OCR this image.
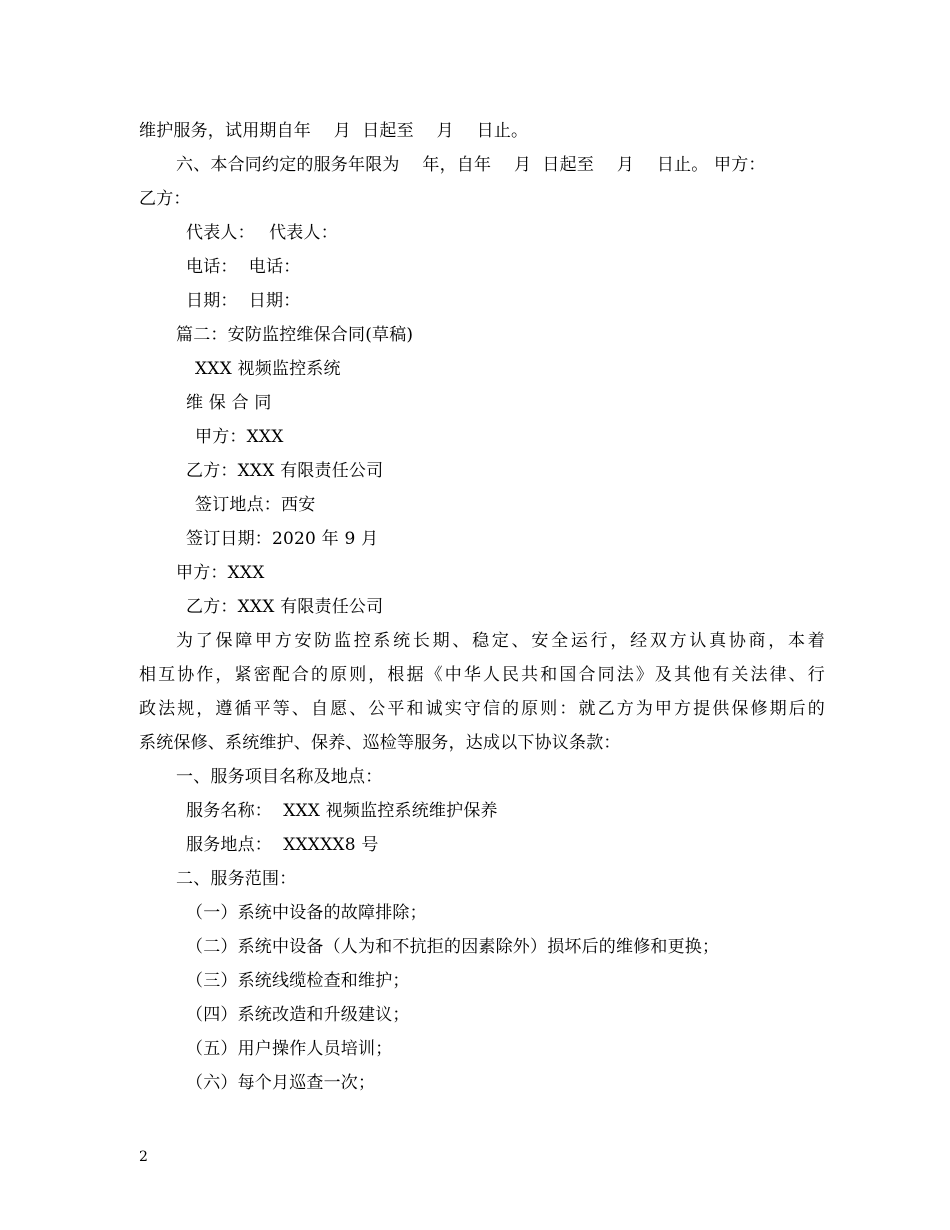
维护服务，试用期自年　 月  日起至　 月　 日止。
六、本合同约定的服务年限为　 年，自年　 月  日起至　 月　 日止。 甲方：
乙方：
代表人：　 代表人：
电话：  电话：
日期：  日期：
篇二：安防监控维保合同(草稿)
XXX 视频监控系统
维 保 合 同
甲方：XXX
乙方：XXX 有限责任公司
签订地点：西安
签订日期：2020 年 9 月
甲方：XXX
乙方：XXX 有限责任公司
为了保障甲方安防监控系统长期、稳定、安全运行，经双方认真协商，本着
相互协作，紧密配合的原则，根据《中华人民共和国合同法》及其他有关法律、行
政法规，遵循平等、自愿、公平和诚实守信的原则：就乙方为甲方提供保修期后的
系统保修、系统维护、保养、巡检等服务，达成以下协议条款：
一、服务项目名称及地点：
服务名称：  XXX 视频监控系统维护保养
服务地点：  XXXXX8 号
二、服务范围：
（一）系统中设备的故障排除；
（二）系统中设备（人为和不抗拒的因素除外）损坏后的维修和更换；
（三）系统线缆检查和维护；
（四）系统改造和升级建议；
（五）用户操作人员培训；
（六）每个月巡查一次；
2
